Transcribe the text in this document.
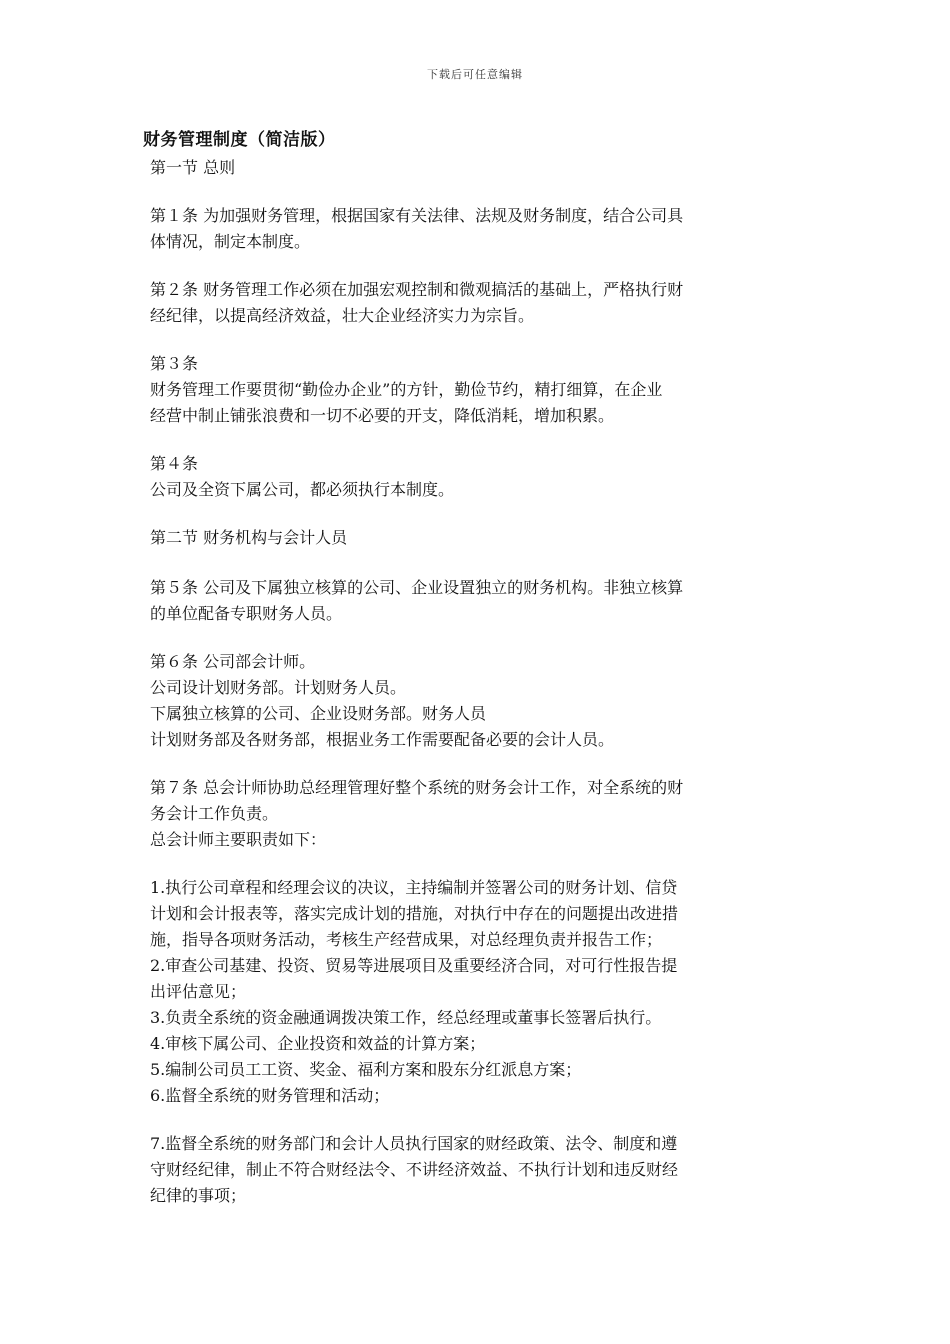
下载后可任意编辑
财务管理制度（简洁版）
第一节 总则
第１条 为加强财务管理，根据国家有关法律、法规及财务制度，结合公司具
体情况，制定本制度。
第２条 财务管理工作必须在加强宏观控制和微观搞活的基础上，严格执行财
经纪律，以提高经济效益，壮大企业经济实力为宗旨。
第３条
财务管理工作要贯彻“勤俭办企业”的方针，勤俭节约，精打细算，在企业
经营中制止铺张浪费和一切不必要的开支，降低消耗，增加积累。
第４条
公司及全资下属公司，都必须执行本制度。
第二节 财务机构与会计人员
第５条 公司及下属独立核算的公司、企业设置独立的财务机构。非独立核算
的单位配备专职财务人员。
第６条 公司部会计师。
公司设计划财务部。计划财务人员。
下属独立核算的公司、企业设财务部。财务人员
计划财务部及各财务部，根据业务工作需要配备必要的会计人员。
第７条 总会计师协助总经理管理好整个系统的财务会计工作，对全系统的财
务会计工作负责。
总会计师主要职责如下：
1.执行公司章程和经理会议的决议，主持编制并签署公司的财务计划、信贷
计划和会计报表等，落实完成计划的措施，对执行中存在的问题提出改进措
施，指导各项财务活动，考核生产经营成果，对总经理负责并报告工作；
2.审查公司基建、投资、贸易等进展项目及重要经济合同，对可行性报告提
出评估意见；
3.负责全系统的资金融通调拨决策工作，经总经理或董事长签署后执行。
4.审核下属公司、企业投资和效益的计算方案；
5.编制公司员工工资、奖金、福利方案和股东分红派息方案；
6.监督全系统的财务管理和活动；
7.监督全系统的财务部门和会计人员执行国家的财经政策、法令、制度和遵
守财经纪律，制止不符合财经法令、不讲经济效益、不执行计划和违反财经
纪律的事项；
